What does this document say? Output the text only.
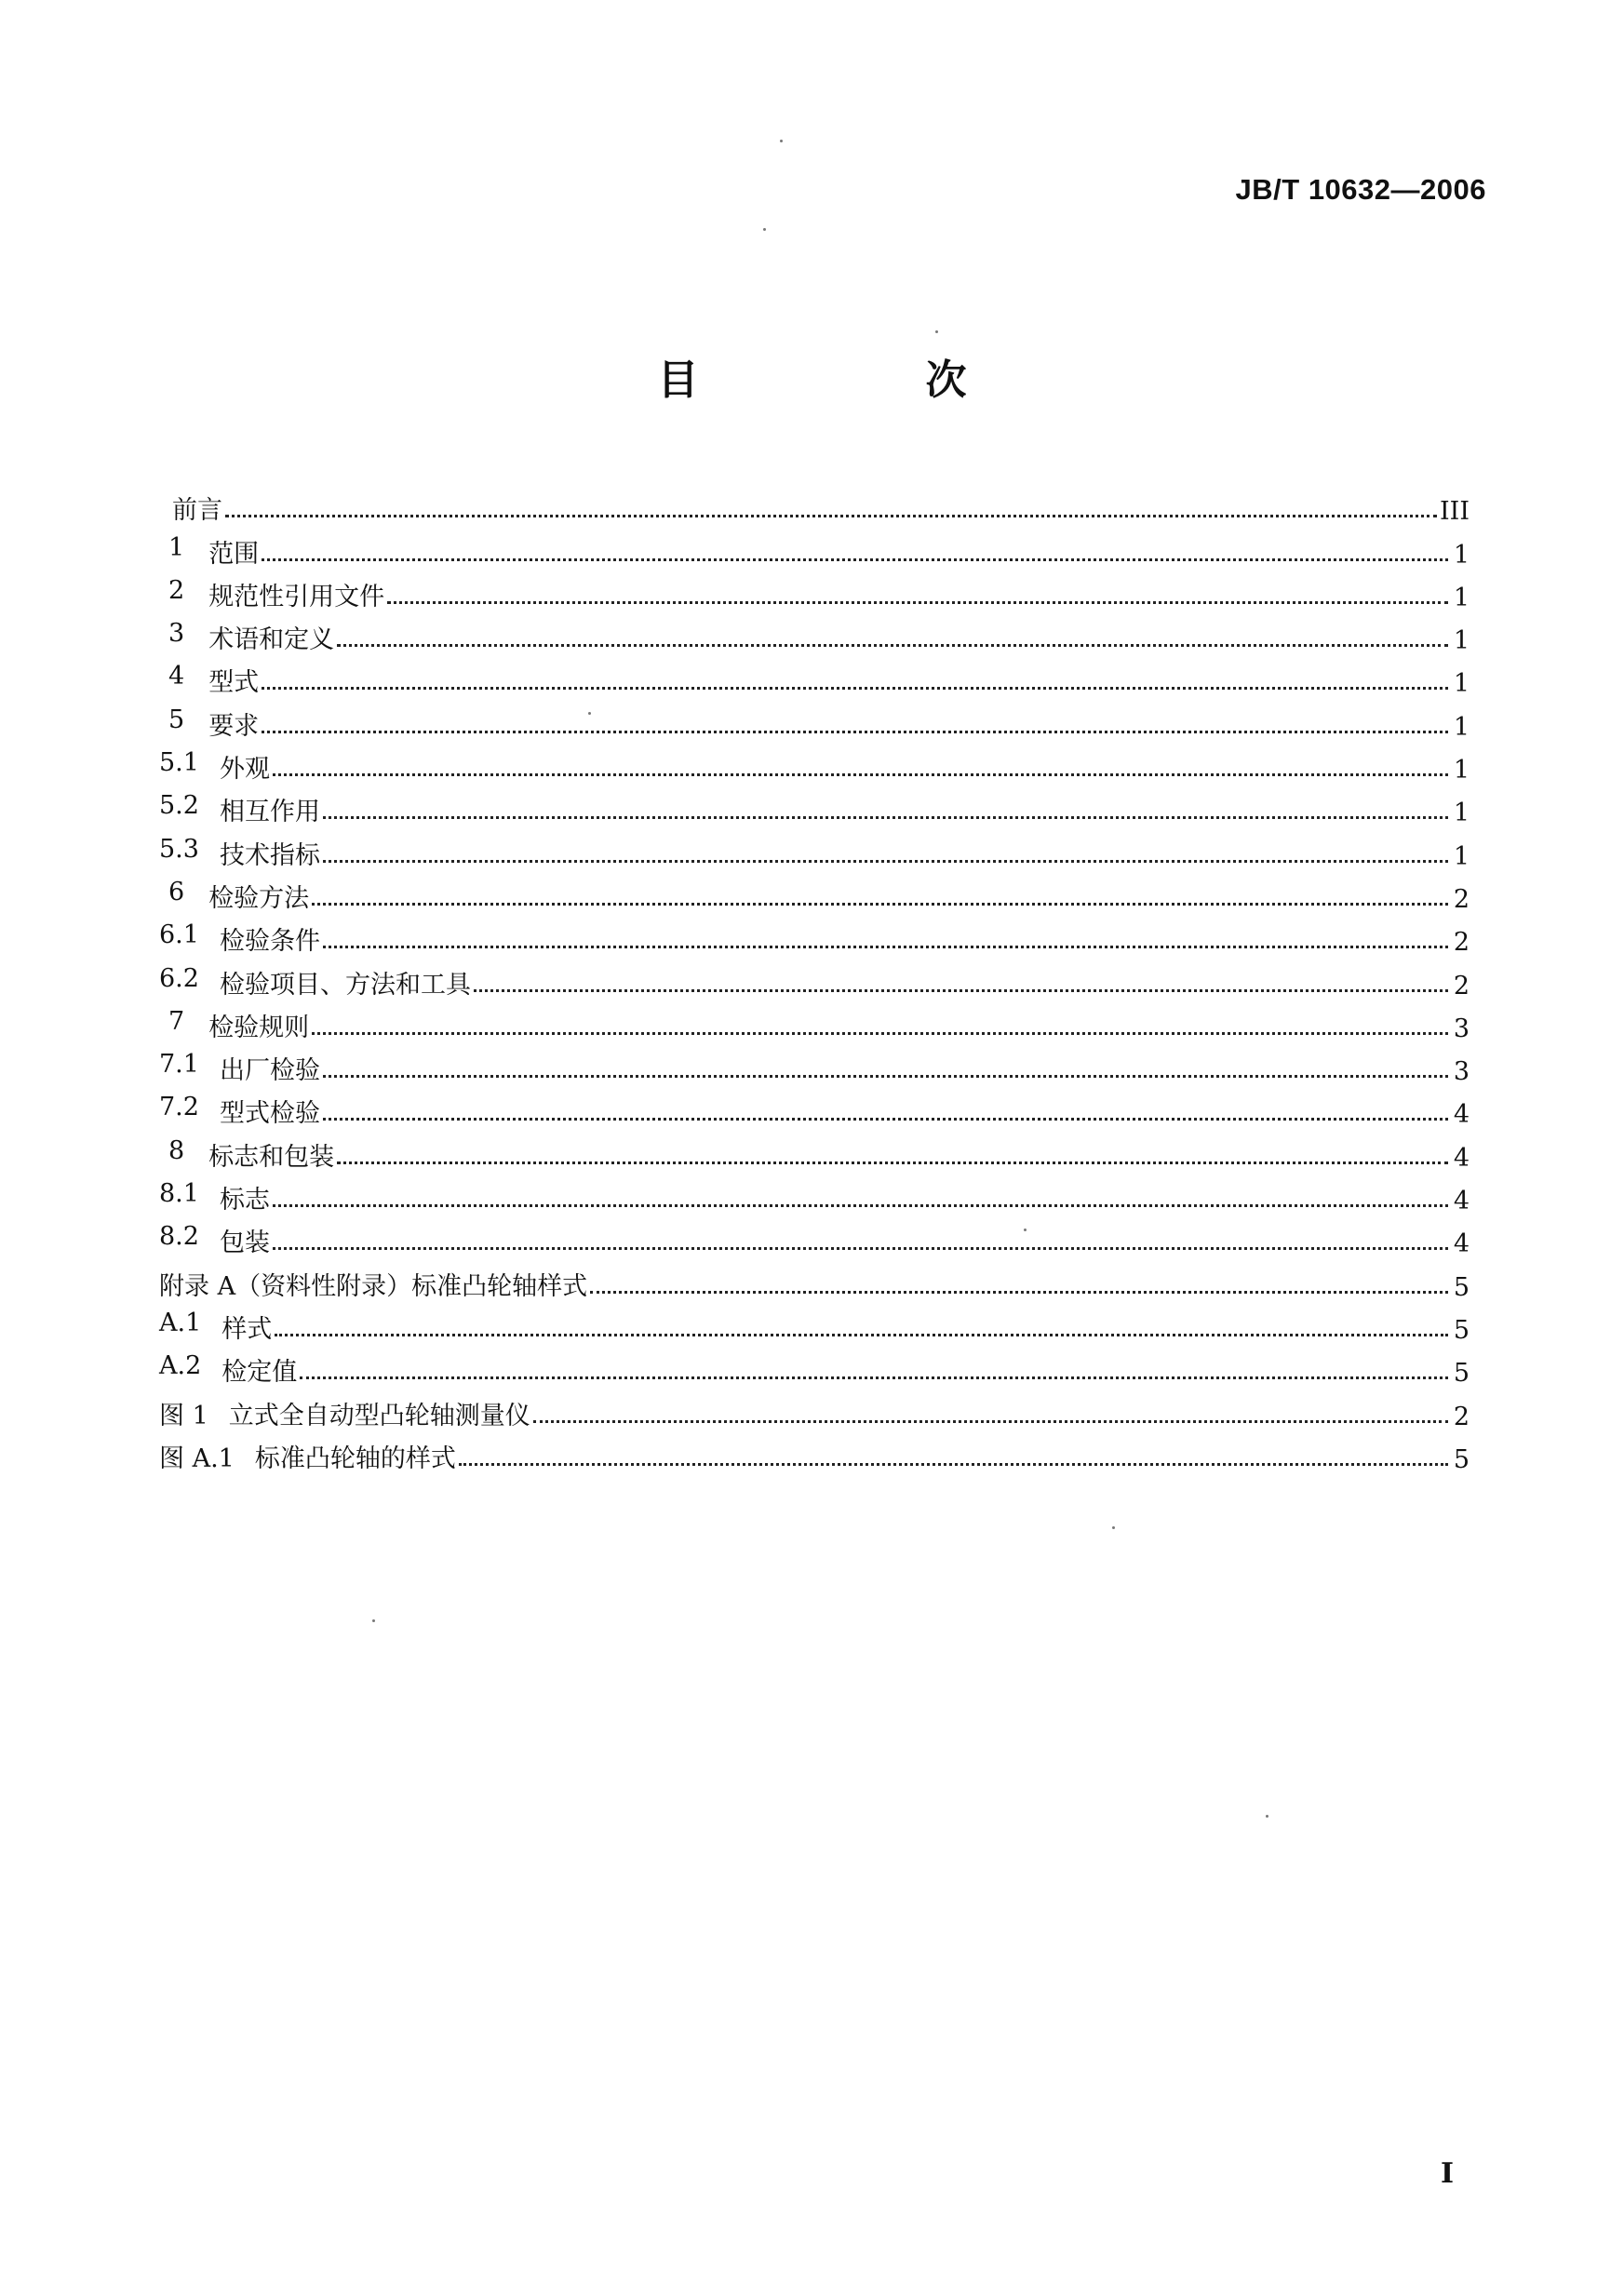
JB/T 10632—2006
目　次
前言	III
1 范围	1
2 规范性引用文件	1
3 术语和定义	1
4 型式	1
5 要求	1
5.1 外观	1
5.2 相互作用	1
5.3 技术指标	1
6 检验方法	2
6.1 检验条件	2
6.2 检验项目、方法和工具	2
7 检验规则	3
7.1 出厂检验	3
7.2 型式检验	4
8 标志和包装	4
8.1 标志	4
8.2 包装	4
附录 A（资料性附录）标准凸轮轴样式	5
A.1 样式	5
A.2 检定值	5
图 1 立式全自动型凸轮轴测量仪	2
图 A.1 标准凸轮轴的样式	5
I
